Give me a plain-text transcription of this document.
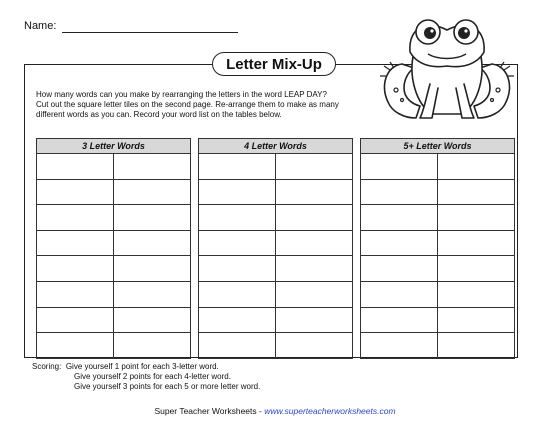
Name:
Letter Mix-Up
How many words can you make by rearranging the letters in the word LEAP DAY?
Cut out the square letter tiles on the second page. Re-arrange them to make as many different words as you can. Record your word list on the tables below.
3 Letter Words	

		4 Letter Words	

		5+ Letter Words	

Scoring: Give yourself 1 point for each 3-letter word.
Give yourself 2 points for each 4-letter word.
Give yourself 3 points for each 5 or more letter word.
Super Teacher Worksheets - www.superteacherworksheets.com
